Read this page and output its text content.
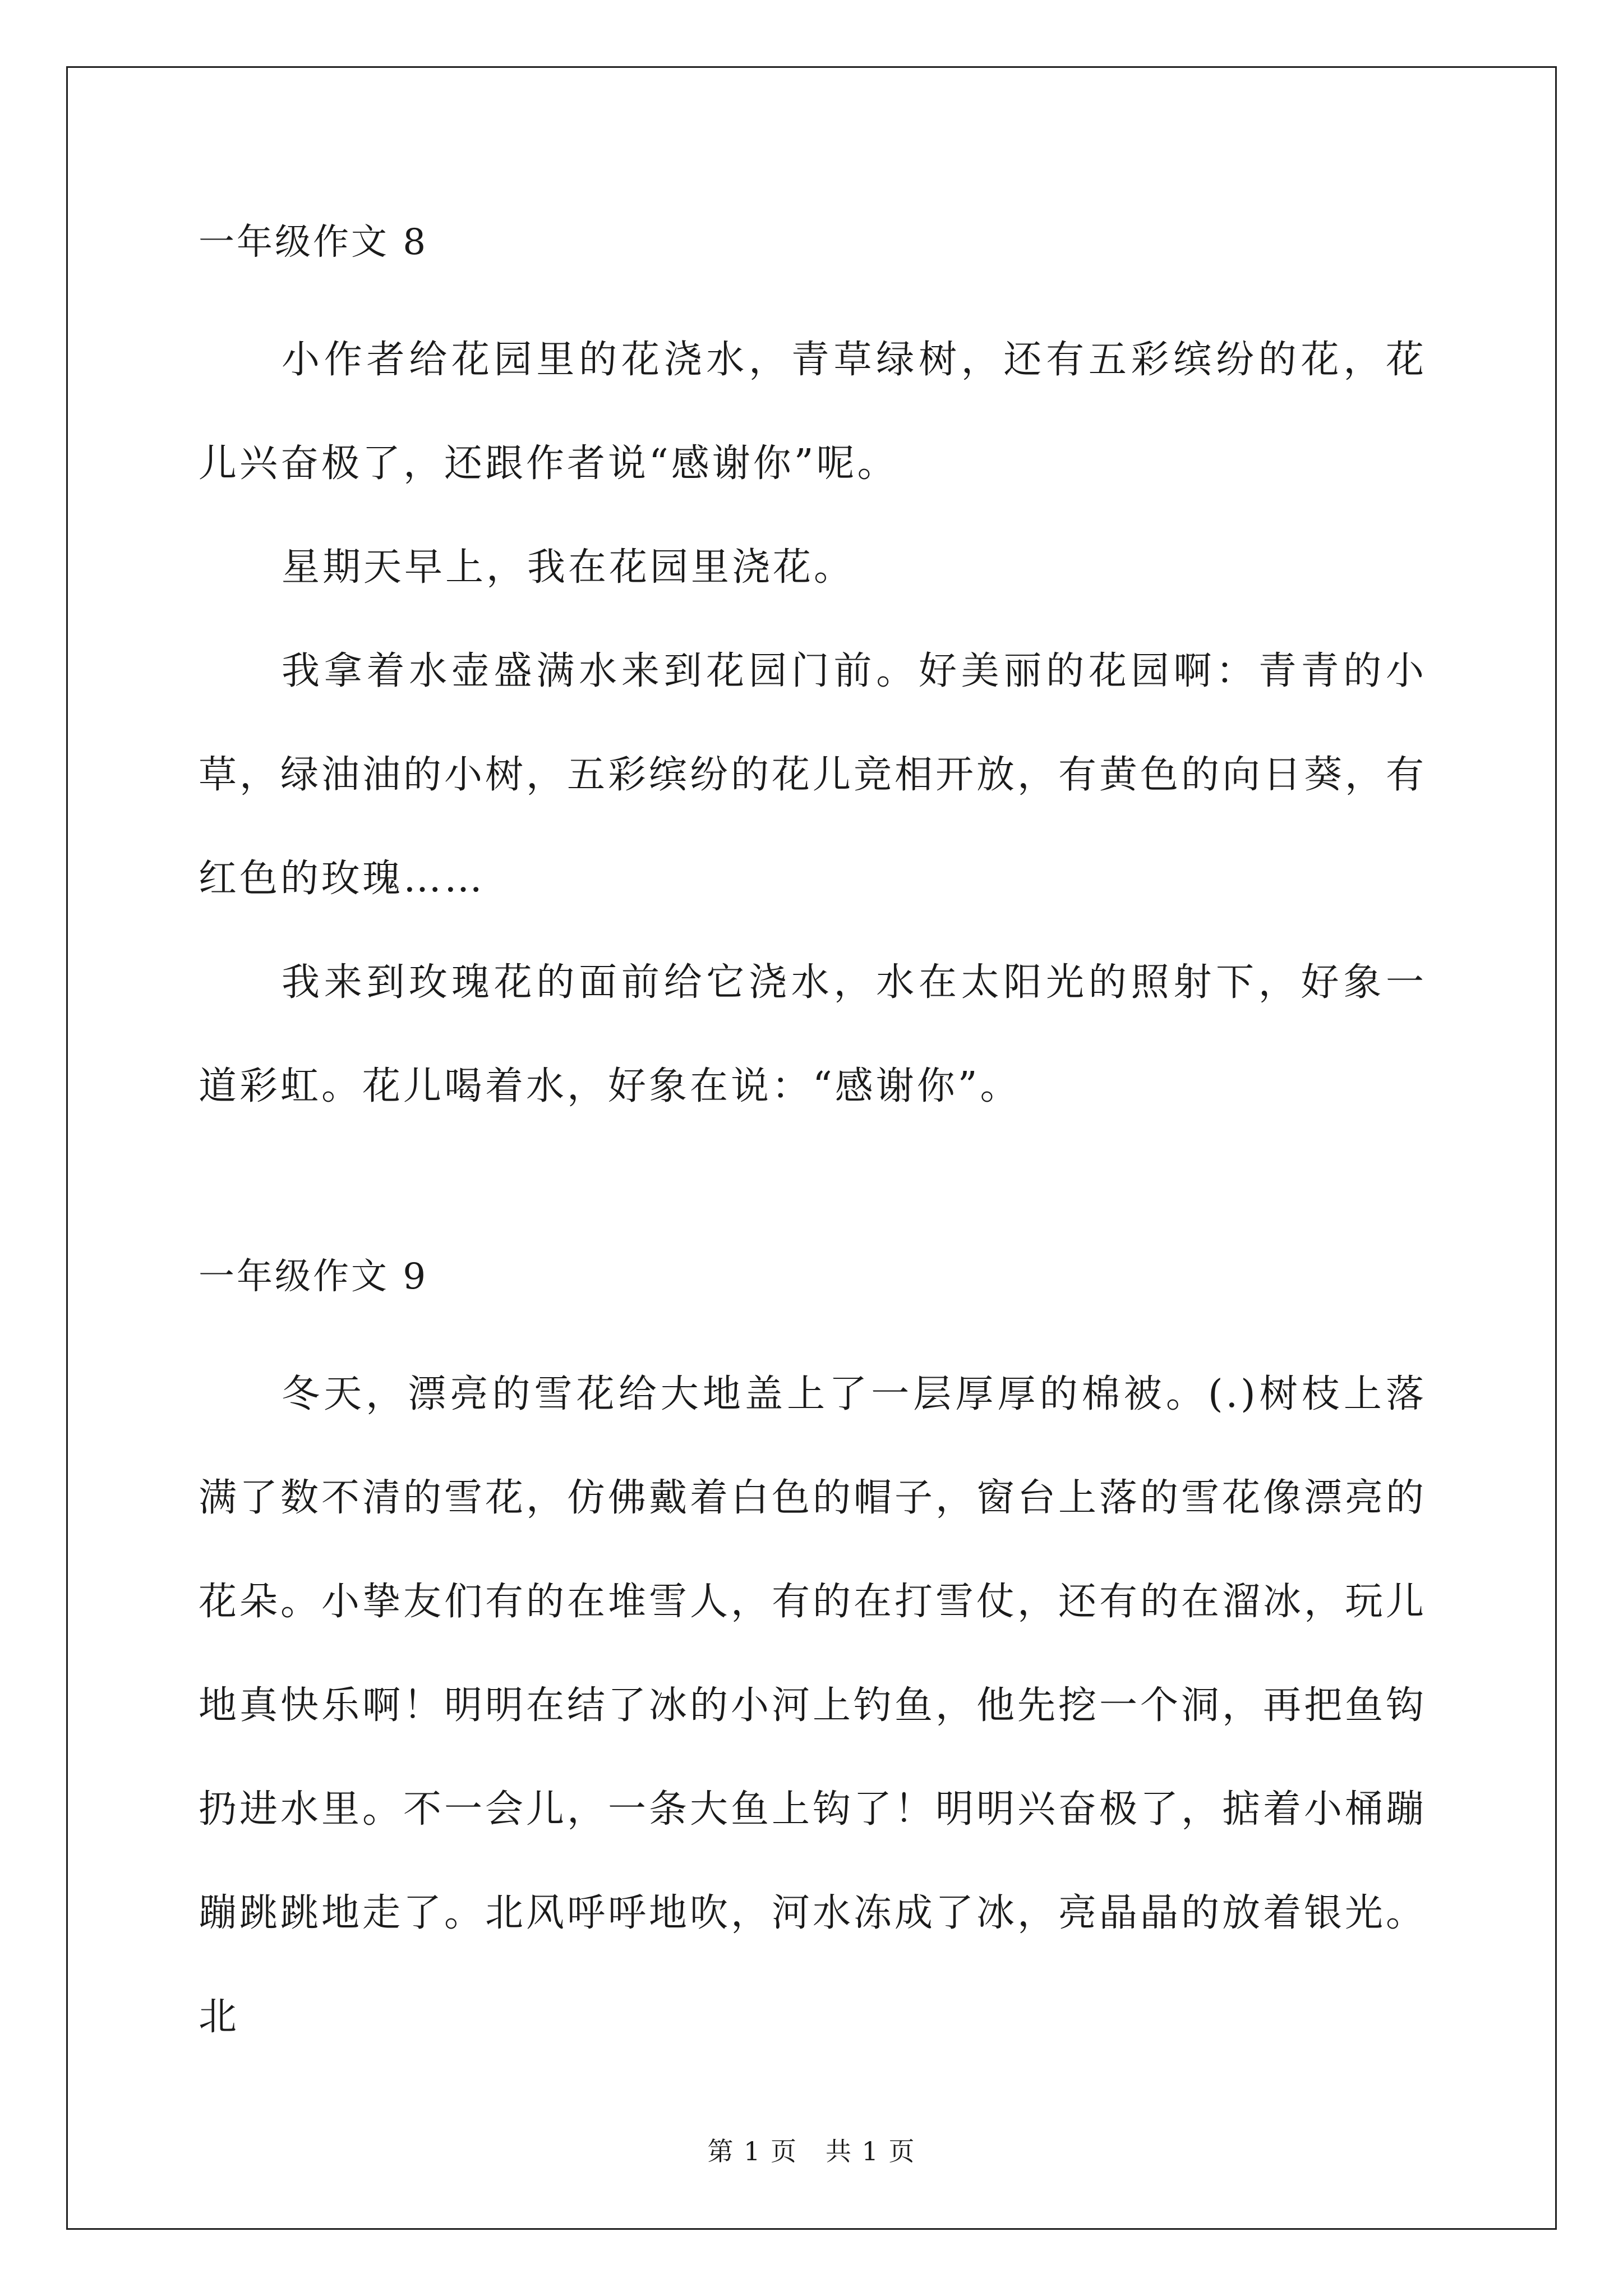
一年级作文 8

小作者给花园里的花浇水，青草绿树，还有五彩缤纷的花，花儿兴奋极了，还跟作者说“感谢你”呢。

星期天早上，我在花园里浇花。

我拿着水壶盛满水来到花园门前。好美丽的花园啊：青青的小草，绿油油的小树，五彩缤纷的花儿竞相开放，有黄色的向日葵，有红色的玫瑰……

我来到玫瑰花的面前给它浇水，水在太阳光的照射下，好象一道彩虹。花儿喝着水，好象在说：“感谢你”。

一年级作文 9

冬天，漂亮的雪花给大地盖上了一层厚厚的棉被。(.)树枝上落满了数不清的雪花，仿佛戴着白色的帽子，窗台上落的雪花像漂亮的花朵。小挚友们有的在堆雪人，有的在打雪仗，还有的在溜冰，玩儿地真快乐啊！明明在结了冰的小河上钓鱼，他先挖一个洞，再把鱼钩扔进水里。不一会儿，一条大鱼上钩了！明明兴奋极了，掂着小桶蹦蹦跳跳地走了。北风呼呼地吹，河水冻成了冰，亮晶晶的放着银光。北

第 1 页 共 1 页
